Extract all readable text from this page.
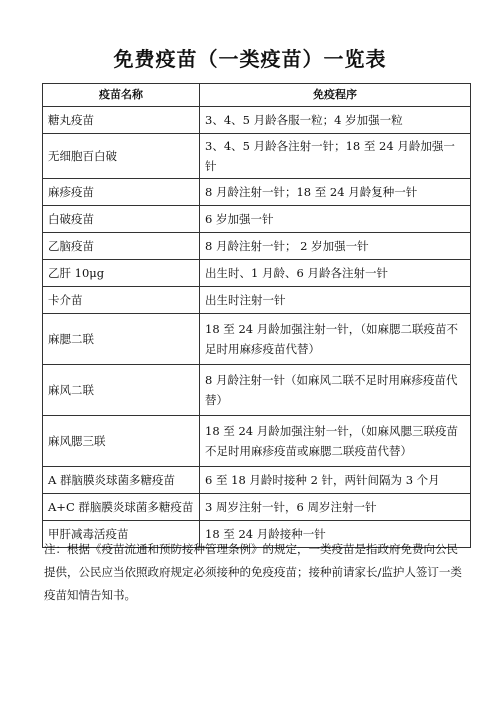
免费疫苗（一类疫苗）一览表
疫苗名称	免疫程序
糖丸疫苗	3、4、5 月龄各服一粒；4 岁加强一粒
无细胞百白破	3、4、5 月龄各注射一针；18 至 24 月龄加强一针
麻疹疫苗	8 月龄注射一针；18 至 24 月龄复种一针
白破疫苗	6 岁加强一针
乙脑疫苗	8 月龄注射一针； 2 岁加强一针
乙肝 10μg	出生时、1 月龄、6 月龄各注射一针
卡介苗	出生时注射一针
麻腮二联	18 至 24 月龄加强注射一针，（如麻腮二联疫苗不足时用麻疹疫苗代替）
麻风二联	8 月龄注射一针（如麻风二联不足时用麻疹疫苗代替）
麻风腮三联	18 至 24 月龄加强注射一针，（如麻风腮三联疫苗不足时用麻疹疫苗或麻腮二联疫苗代替）
A 群脑膜炎球菌多糖疫苗	6 至 18 月龄时接种 2 针，两针间隔为 3 个月
A+C 群脑膜炎球菌多糖疫苗	3 周岁注射一针，6 周岁注射一针
甲肝减毒活疫苗	18 至 24 月龄接种一针
注：根据《疫苗流通和预防接种管理条例》的规定，一类疫苗是指政府免费向公民提供，公民应当依照政府规定必须接种的免疫疫苗；接种前请家长/监护人签订一类疫苗知情告知书。
